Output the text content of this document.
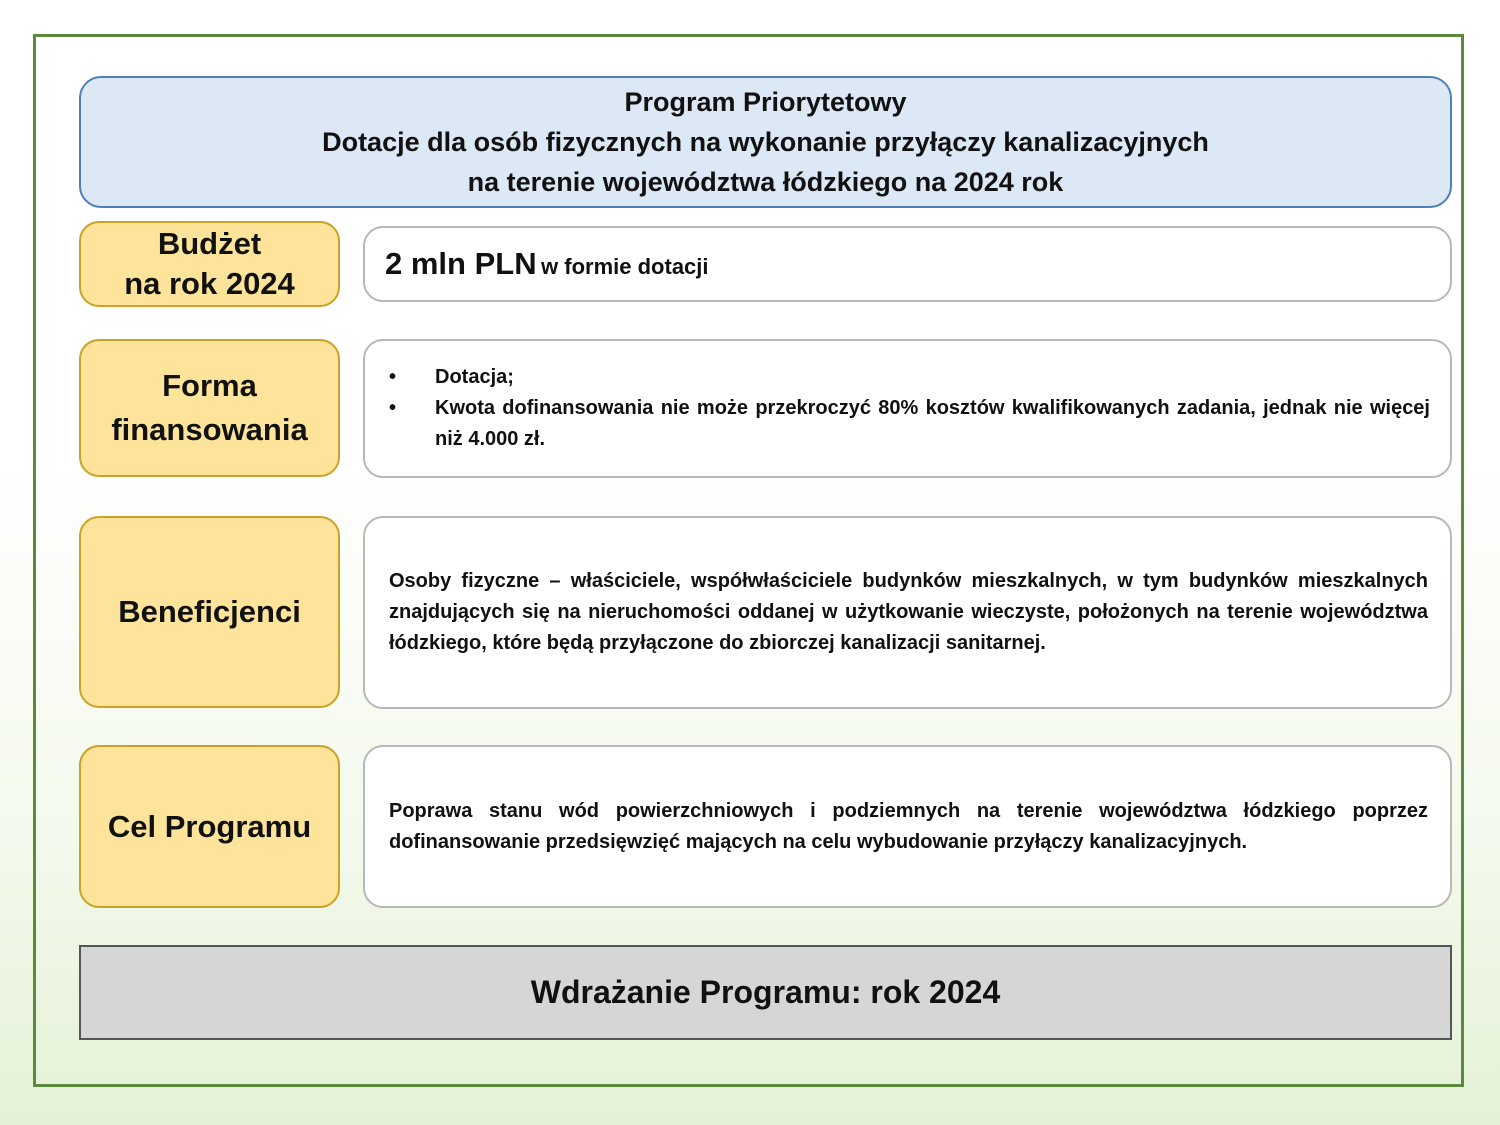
Program Priorytetowy
Dotacje dla osób fizycznych na wykonanie przyłączy kanalizacyjnych
na terenie województwa łódzkiego na 2024 rok
Budżet
na rok 2024
2 mln PLN w formie dotacji
Forma
finansowania
• Dotacja;
• Kwota dofinansowania nie może przekroczyć 80% kosztów kwalifikowanych zadania, jednak nie więcej niż 4.000 zł.
Beneficjenci
Osoby fizyczne – właściciele, współwłaściciele budynków mieszkalnych, w tym budynków mieszkalnych znajdujących się na nieruchomości oddanej w użytkowanie wieczyste, położonych na terenie województwa łódzkiego, które będą przyłączone do zbiorczej kanalizacji sanitarnej.
Cel Programu	Poprawa stanu wód powierzchniowych i podziemnych na terenie województwa łódzkiego poprzez dofinansowanie przedsięwzięć mających na celu wybudowanie przyłączy kanalizacyjnych.
Wdrażanie Programu: rok 2024
